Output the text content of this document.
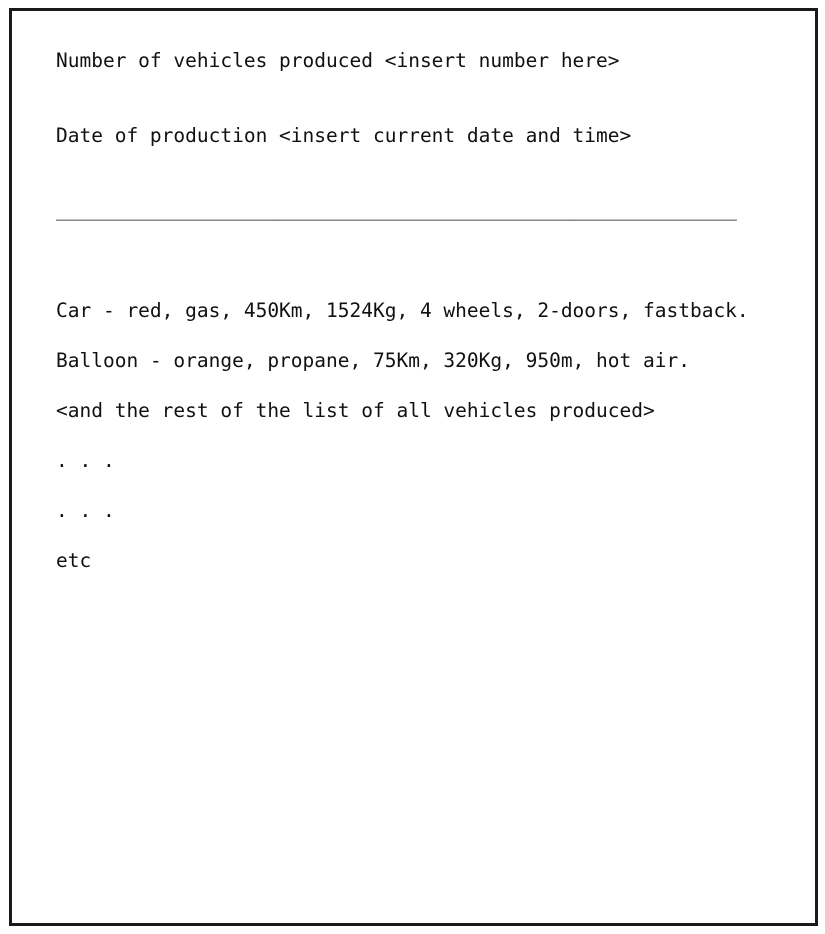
Number of vehicles produced <insert number here>

Date of production <insert current date and time>

__________________________________________________________

Car - red, gas, 450Km, 1524Kg, 4 wheels, 2-doors, fastback.

Balloon - orange, propane, 75Km, 320Kg, 950m, hot air.

<and the rest of the list of all vehicles produced>

. . .

. . .

etc
